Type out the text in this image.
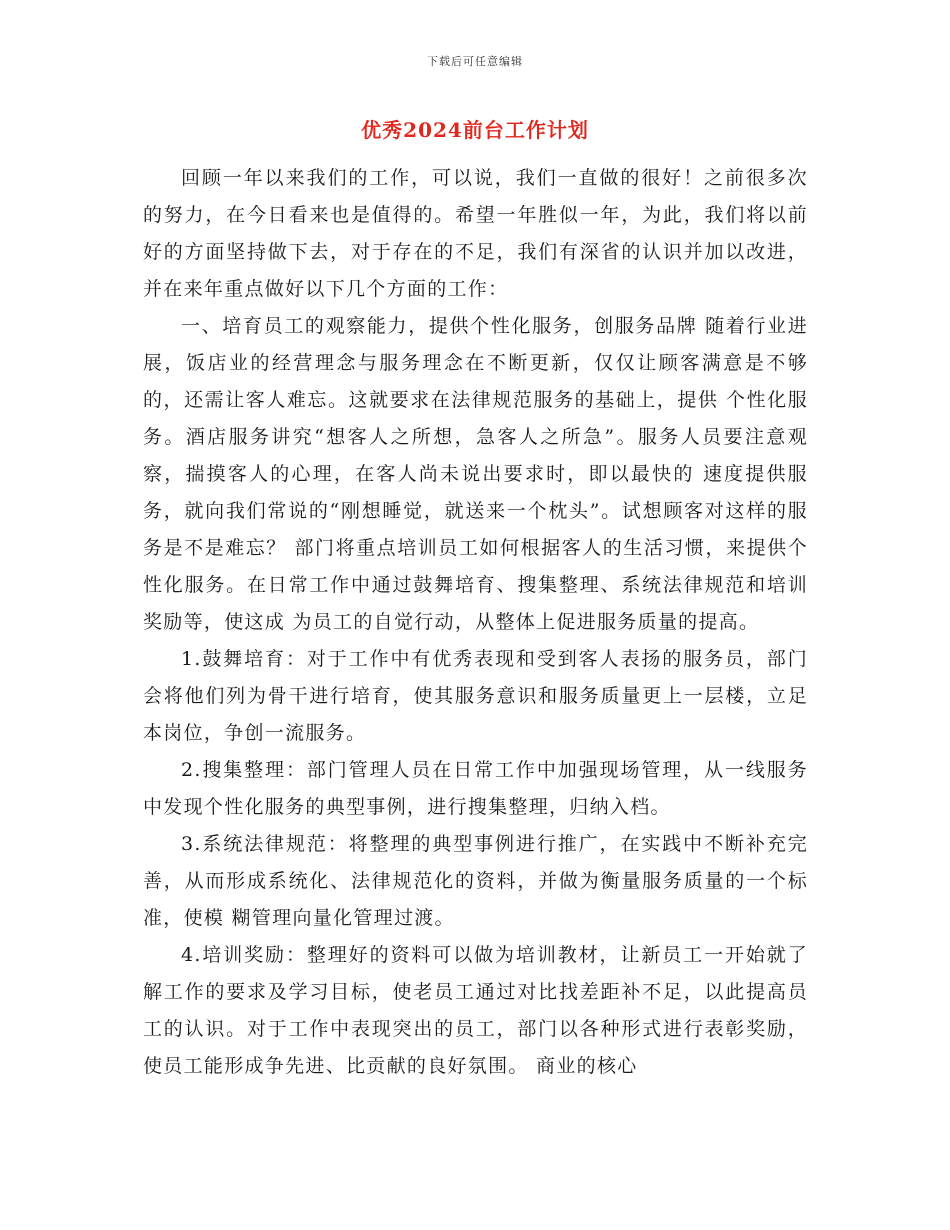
下载后可任意编辑
优秀2024前台工作计划

回顾一年以来我们的工作，可以说，我们一直做的很好！之前很多次的努力，在今日看来也是值得的。希望一年胜似一年，为此，我们将以前好的方面坚持做下去，对于存在的不足，我们有深省的认识并加以改进，并在来年重点做好以下几个方面的工作：

一、培育员工的观察能力，提供个性化服务，创服务品牌 随着行业进展，饭店业的经营理念与服务理念在不断更新，仅仅让顾客满意是不够的，还需让客人难忘。这就要求在法律规范服务的基础上，提供 个性化服务。酒店服务讲究“想客人之所想，急客人之所急”。服务人员要注意观察，揣摸客人的心理，在客人尚未说出要求时，即以最快的 速度提供服务，就向我们常说的“刚想睡觉，就送来一个枕头”。试想顾客对这样的服务是不是难忘？ 部门将重点培训员工如何根据客人的生活习惯，来提供个性化服务。在日常工作中通过鼓舞培育、搜集整理、系统法律规范和培训奖励等，使这成 为员工的自觉行动，从整体上促进服务质量的提高。

1.鼓舞培育：对于工作中有优秀表现和受到客人表扬的服务员，部门会将他们列为骨干进行培育，使其服务意识和服务质量更上一层楼，立足 本岗位，争创一流服务。

2.搜集整理：部门管理人员在日常工作中加强现场管理，从一线服务中发现个性化服务的典型事例，进行搜集整理，归纳入档。

3.系统法律规范：将整理的典型事例进行推广，在实践中不断补充完善，从而形成系统化、法律规范化的资料，并做为衡量服务质量的一个标准，使模 糊管理向量化管理过渡。

4.培训奖励：整理好的资料可以做为培训教材，让新员工一开始就了解工作的要求及学习目标，使老员工通过对比找差距补不足，以此提高员 工的认识。对于工作中表现突出的员工，部门以各种形式进行表彰奖励，使员工能形成争先进、比贡献的良好氛围。 商业的核心
